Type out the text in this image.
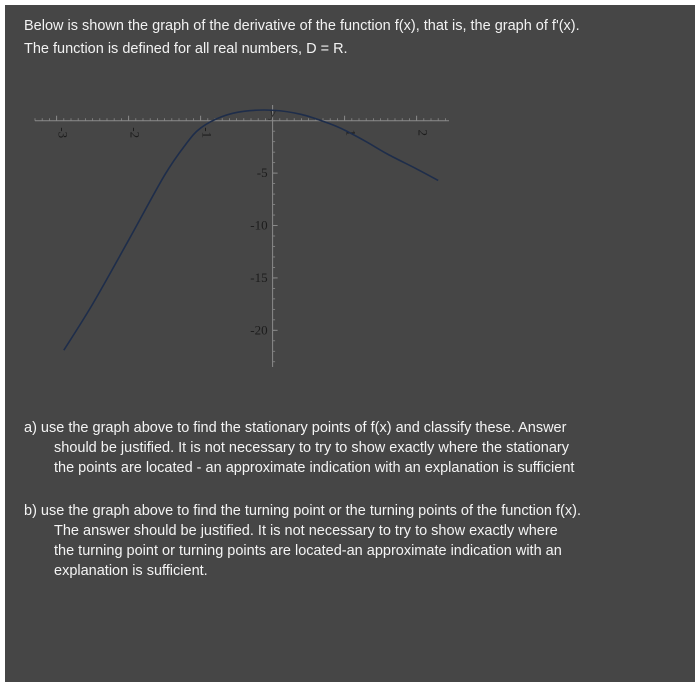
Below is shown the graph of the derivative of the function f(x), that is, the graph of f'(x).

The function is defined for all real numbers, D = R.

-3	-2	-1	1	2
-5
-10
-15
-20
y

a) use the graph above to find the stationary points of f(x) and classify these. Answer

should be justified. It is not necessary to try to show exactly where the stationary

the points are located - an approximate indication with an explanation is sufficient

b) use the graph above to find the turning point or the turning points of the function f(x).

The answer should be justified. It is not necessary to try to show exactly where

the turning point or turning points are located-an approximate indication with an

explanation is sufficient.
